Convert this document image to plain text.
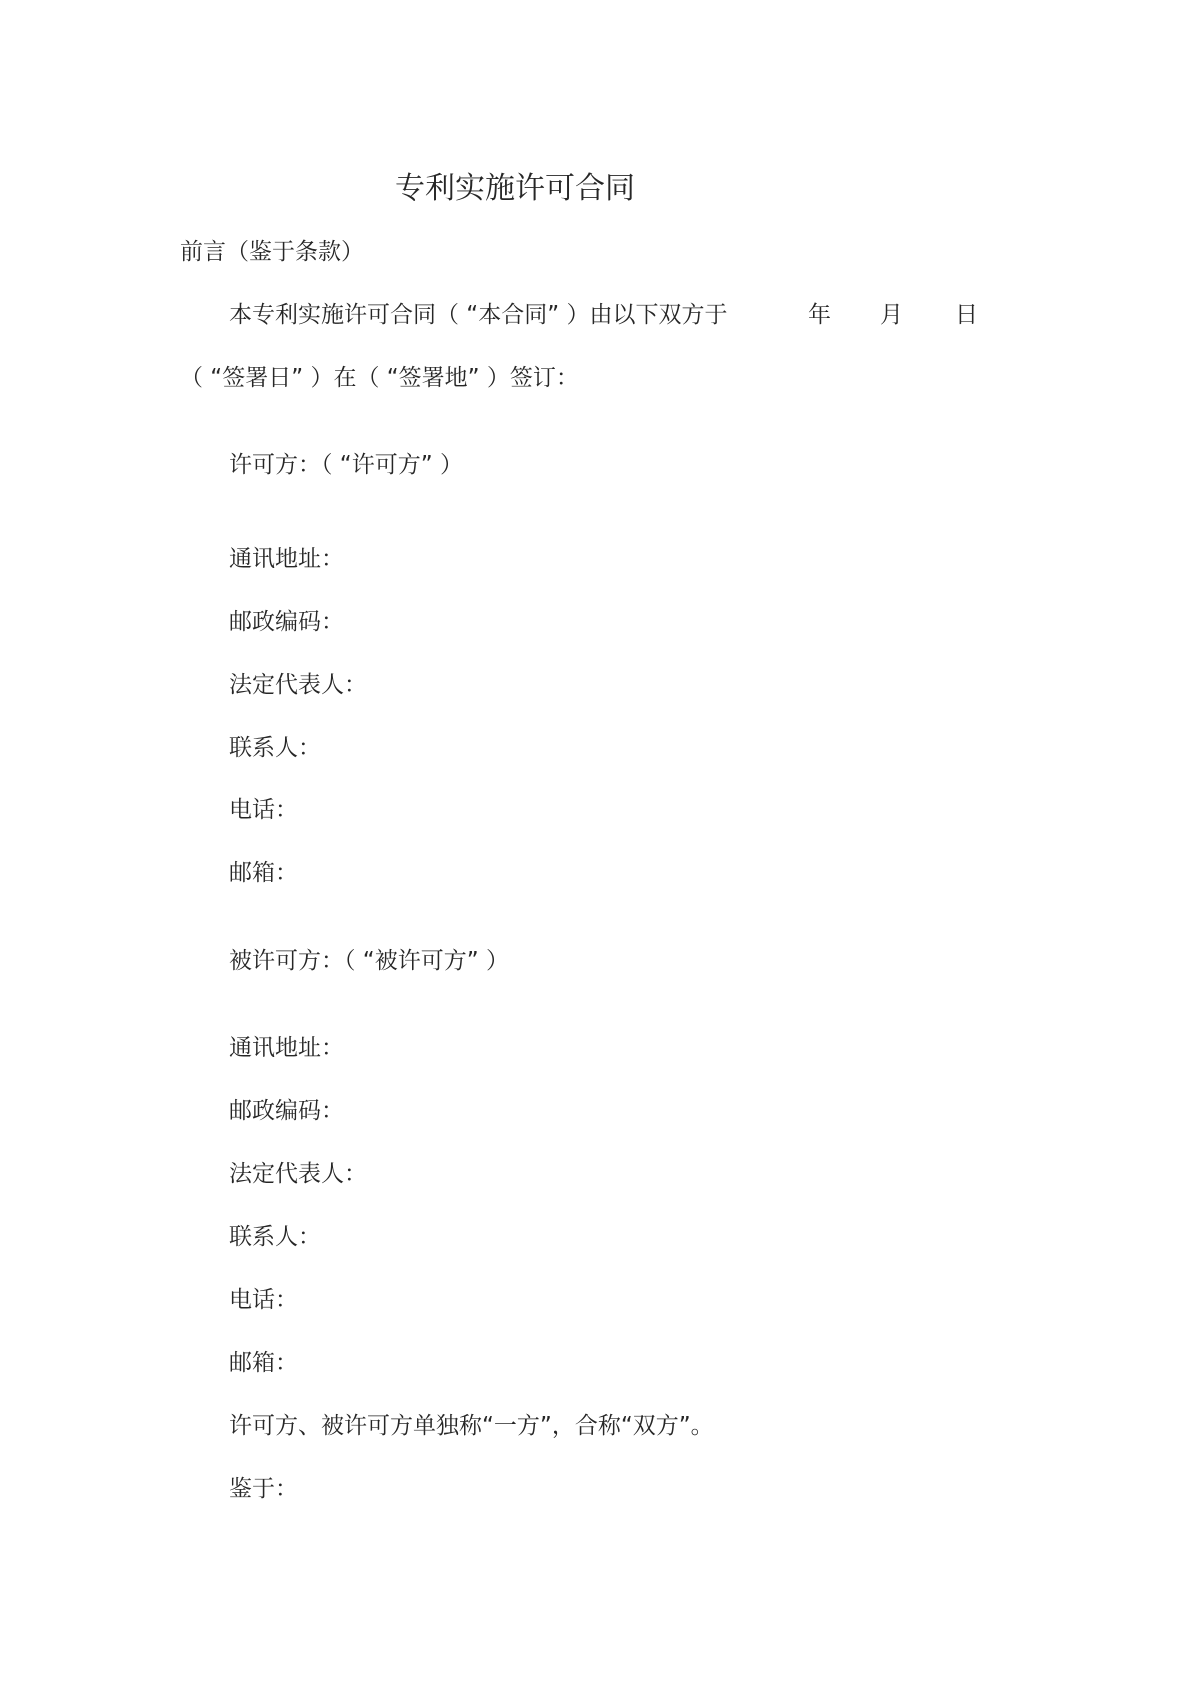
专利实施许可合同
前言（鉴于条款）
本专利实施许可合同（ “本合同” ）由以下双方于	年 月 日
（ “签署日” ）在（ “签署地” ）签订：
许可方：（ “许可方” ）
通讯地址：
邮政编码：
法定代表人：
联系人：
电话：
邮箱：
被许可方：（ “被许可方” ）
通讯地址：
邮政编码：
法定代表人：
联系人：
电话：
邮箱：
许可方、被许可方单独称“一方”，合称“双方”。
鉴于：
